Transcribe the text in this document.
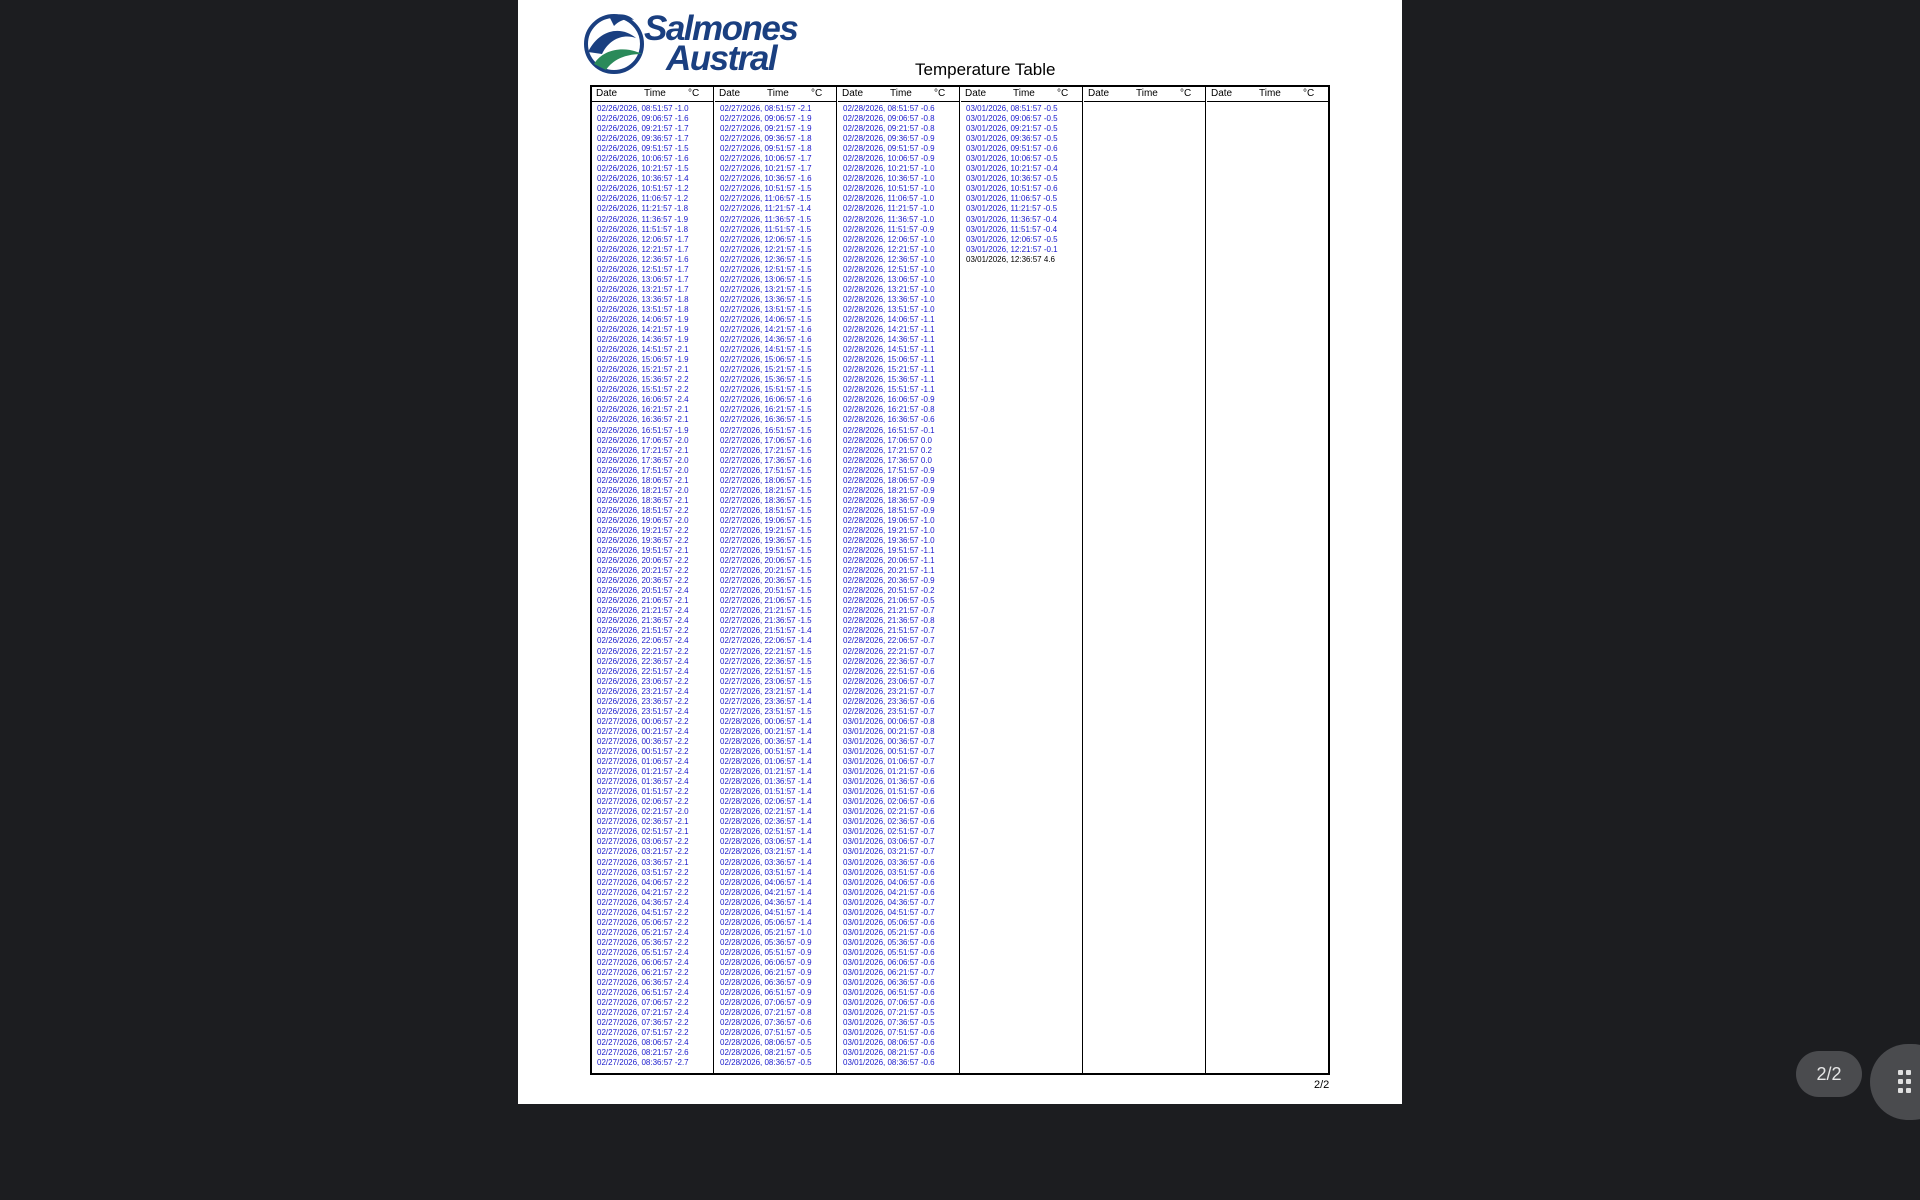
Salmones
Austral	Temperature Table
Date	Time °C
02/26/2026, 08:51:57 -1.0
02/26/2026, 09:06:57 -1.6
02/26/2026, 09:21:57 -1.7
02/26/2026, 09:36:57 -1.7
02/26/2026, 09:51:57 -1.5
02/26/2026, 10:06:57 -1.6
02/26/2026, 10:21:57 -1.5
02/26/2026, 10:36:57 -1.4
02/26/2026, 10:51:57 -1.2
02/26/2026, 11:06:57 -1.2
02/26/2026, 11:21:57 -1.8
02/26/2026, 11:36:57 -1.9
02/26/2026, 11:51:57 -1.8
02/26/2026, 12:06:57 -1.7
02/26/2026, 12:21:57 -1.7
02/26/2026, 12:36:57 -1.6
02/26/2026, 12:51:57 -1.7
02/26/2026, 13:06:57 -1.7
02/26/2026, 13:21:57 -1.7
02/26/2026, 13:36:57 -1.8
02/26/2026, 13:51:57 -1.8
02/26/2026, 14:06:57 -1.9
02/26/2026, 14:21:57 -1.9
02/26/2026, 14:36:57 -1.9
02/26/2026, 14:51:57 -2.1
02/26/2026, 15:06:57 -1.9
02/26/2026, 15:21:57 -2.1
02/26/2026, 15:36:57 -2.2
02/26/2026, 15:51:57 -2.2
02/26/2026, 16:06:57 -2.4
02/26/2026, 16:21:57 -2.1
02/26/2026, 16:36:57 -2.1
02/26/2026, 16:51:57 -1.9
02/26/2026, 17:06:57 -2.0
02/26/2026, 17:21:57 -2.1
02/26/2026, 17:36:57 -2.0
02/26/2026, 17:51:57 -2.0
02/26/2026, 18:06:57 -2.1
02/26/2026, 18:21:57 -2.0
02/26/2026, 18:36:57 -2.1
02/26/2026, 18:51:57 -2.2
02/26/2026, 19:06:57 -2.0
02/26/2026, 19:21:57 -2.2
02/26/2026, 19:36:57 -2.2
02/26/2026, 19:51:57 -2.1
02/26/2026, 20:06:57 -2.2
02/26/2026, 20:21:57 -2.2
02/26/2026, 20:36:57 -2.2
02/26/2026, 20:51:57 -2.4
02/26/2026, 21:06:57 -2.1
02/26/2026, 21:21:57 -2.4
02/26/2026, 21:36:57 -2.4
02/26/2026, 21:51:57 -2.2
02/26/2026, 22:06:57 -2.4
02/26/2026, 22:21:57 -2.2
02/26/2026, 22:36:57 -2.4
02/26/2026, 22:51:57 -2.4
02/26/2026, 23:06:57 -2.2
02/26/2026, 23:21:57 -2.4
02/26/2026, 23:36:57 -2.2
02/26/2026, 23:51:57 -2.4
02/27/2026, 00:06:57 -2.2
02/27/2026, 00:21:57 -2.4
02/27/2026, 00:36:57 -2.2
02/27/2026, 00:51:57 -2.2
02/27/2026, 01:06:57 -2.4
02/27/2026, 01:21:57 -2.4
02/27/2026, 01:36:57 -2.4
02/27/2026, 01:51:57 -2.2
02/27/2026, 02:06:57 -2.2
02/27/2026, 02:21:57 -2.0
02/27/2026, 02:36:57 -2.1
02/27/2026, 02:51:57 -2.1
02/27/2026, 03:06:57 -2.2
02/27/2026, 03:21:57 -2.2
02/27/2026, 03:36:57 -2.1
02/27/2026, 03:51:57 -2.2
02/27/2026, 04:06:57 -2.2
02/27/2026, 04:21:57 -2.2
02/27/2026, 04:36:57 -2.4
02/27/2026, 04:51:57 -2.2
02/27/2026, 05:06:57 -2.2
02/27/2026, 05:21:57 -2.4
02/27/2026, 05:36:57 -2.2
02/27/2026, 05:51:57 -2.4
02/27/2026, 06:06:57 -2.4
02/27/2026, 06:21:57 -2.2
02/27/2026, 06:36:57 -2.4
02/27/2026, 06:51:57 -2.4
02/27/2026, 07:06:57 -2.2
02/27/2026, 07:21:57 -2.4
02/27/2026, 07:36:57 -2.2
02/27/2026, 07:51:57 -2.2
02/27/2026, 08:06:57 -2.4
02/27/2026, 08:21:57 -2.6
02/27/2026, 08:36:57 -2.7
Date	Time °C
02/27/2026, 08:51:57 -2.1
02/27/2026, 09:06:57 -1.9
02/27/2026, 09:21:57 -1.9
02/27/2026, 09:36:57 -1.8
02/27/2026, 09:51:57 -1.8
02/27/2026, 10:06:57 -1.7
02/27/2026, 10:21:57 -1.7
02/27/2026, 10:36:57 -1.6
02/27/2026, 10:51:57 -1.5
02/27/2026, 11:06:57 -1.5
02/27/2026, 11:21:57 -1.4
02/27/2026, 11:36:57 -1.5
02/27/2026, 11:51:57 -1.5
02/27/2026, 12:06:57 -1.5
02/27/2026, 12:21:57 -1.5
02/27/2026, 12:36:57 -1.5
02/27/2026, 12:51:57 -1.5
02/27/2026, 13:06:57 -1.5
02/27/2026, 13:21:57 -1.5
02/27/2026, 13:36:57 -1.5
02/27/2026, 13:51:57 -1.5
02/27/2026, 14:06:57 -1.5
02/27/2026, 14:21:57 -1.6
02/27/2026, 14:36:57 -1.6
02/27/2026, 14:51:57 -1.5
02/27/2026, 15:06:57 -1.5
02/27/2026, 15:21:57 -1.5
02/27/2026, 15:36:57 -1.5
02/27/2026, 15:51:57 -1.5
02/27/2026, 16:06:57 -1.6
02/27/2026, 16:21:57 -1.5
02/27/2026, 16:36:57 -1.5
02/27/2026, 16:51:57 -1.5
02/27/2026, 17:06:57 -1.6
02/27/2026, 17:21:57 -1.5
02/27/2026, 17:36:57 -1.6
02/27/2026, 17:51:57 -1.5
02/27/2026, 18:06:57 -1.5
02/27/2026, 18:21:57 -1.5
02/27/2026, 18:36:57 -1.5
02/27/2026, 18:51:57 -1.5
02/27/2026, 19:06:57 -1.5
02/27/2026, 19:21:57 -1.5
02/27/2026, 19:36:57 -1.5
02/27/2026, 19:51:57 -1.5
02/27/2026, 20:06:57 -1.5
02/27/2026, 20:21:57 -1.5
02/27/2026, 20:36:57 -1.5
02/27/2026, 20:51:57 -1.5
02/27/2026, 21:06:57 -1.5
02/27/2026, 21:21:57 -1.5
02/27/2026, 21:36:57 -1.5
02/27/2026, 21:51:57 -1.4
02/27/2026, 22:06:57 -1.4
02/27/2026, 22:21:57 -1.5
02/27/2026, 22:36:57 -1.5
02/27/2026, 22:51:57 -1.5
02/27/2026, 23:06:57 -1.5
02/27/2026, 23:21:57 -1.4
02/27/2026, 23:36:57 -1.4
02/27/2026, 23:51:57 -1.5
02/28/2026, 00:06:57 -1.4
02/28/2026, 00:21:57 -1.4
02/28/2026, 00:36:57 -1.4
02/28/2026, 00:51:57 -1.4
02/28/2026, 01:06:57 -1.4
02/28/2026, 01:21:57 -1.4
02/28/2026, 01:36:57 -1.4
02/28/2026, 01:51:57 -1.4
02/28/2026, 02:06:57 -1.4
02/28/2026, 02:21:57 -1.4
02/28/2026, 02:36:57 -1.4
02/28/2026, 02:51:57 -1.4
02/28/2026, 03:06:57 -1.4
02/28/2026, 03:21:57 -1.4
02/28/2026, 03:36:57 -1.4
02/28/2026, 03:51:57 -1.4
02/28/2026, 04:06:57 -1.4
02/28/2026, 04:21:57 -1.4
02/28/2026, 04:36:57 -1.4
02/28/2026, 04:51:57 -1.4
02/28/2026, 05:06:57 -1.4
02/28/2026, 05:21:57 -1.0
02/28/2026, 05:36:57 -0.9
02/28/2026, 05:51:57 -0.9
02/28/2026, 06:06:57 -0.9
02/28/2026, 06:21:57 -0.9
02/28/2026, 06:36:57 -0.9
02/28/2026, 06:51:57 -0.9
02/28/2026, 07:06:57 -0.9
02/28/2026, 07:21:57 -0.8
02/28/2026, 07:36:57 -0.6
02/28/2026, 07:51:57 -0.5
02/28/2026, 08:06:57 -0.5
02/28/2026, 08:21:57 -0.5
02/28/2026, 08:36:57 -0.5
Date	Time °C
02/28/2026, 08:51:57 -0.6
02/28/2026, 09:06:57 -0.8
02/28/2026, 09:21:57 -0.8
02/28/2026, 09:36:57 -0.9
02/28/2026, 09:51:57 -0.9
02/28/2026, 10:06:57 -0.9
02/28/2026, 10:21:57 -1.0
02/28/2026, 10:36:57 -1.0
02/28/2026, 10:51:57 -1.0
02/28/2026, 11:06:57 -1.0
02/28/2026, 11:21:57 -1.0
02/28/2026, 11:36:57 -1.0
02/28/2026, 11:51:57 -0.9
02/28/2026, 12:06:57 -1.0
02/28/2026, 12:21:57 -1.0
02/28/2026, 12:36:57 -1.0
02/28/2026, 12:51:57 -1.0
02/28/2026, 13:06:57 -1.0
02/28/2026, 13:21:57 -1.0
02/28/2026, 13:36:57 -1.0
02/28/2026, 13:51:57 -1.0
02/28/2026, 14:06:57 -1.1
02/28/2026, 14:21:57 -1.1
02/28/2026, 14:36:57 -1.1
02/28/2026, 14:51:57 -1.1
02/28/2026, 15:06:57 -1.1
02/28/2026, 15:21:57 -1.1
02/28/2026, 15:36:57 -1.1
02/28/2026, 15:51:57 -1.1
02/28/2026, 16:06:57 -0.9
02/28/2026, 16:21:57 -0.8
02/28/2026, 16:36:57 -0.6
02/28/2026, 16:51:57 -0.1
02/28/2026, 17:06:57 0.0
02/28/2026, 17:21:57 0.2
02/28/2026, 17:36:57 0.0
02/28/2026, 17:51:57 -0.9
02/28/2026, 18:06:57 -0.9
02/28/2026, 18:21:57 -0.9
02/28/2026, 18:36:57 -0.9
02/28/2026, 18:51:57 -0.9
02/28/2026, 19:06:57 -1.0
02/28/2026, 19:21:57 -1.0
02/28/2026, 19:36:57 -1.0
02/28/2026, 19:51:57 -1.1
02/28/2026, 20:06:57 -1.1
02/28/2026, 20:21:57 -1.1
02/28/2026, 20:36:57 -0.9
02/28/2026, 20:51:57 -0.2
02/28/2026, 21:06:57 -0.5
02/28/2026, 21:21:57 -0.7
02/28/2026, 21:36:57 -0.8
02/28/2026, 21:51:57 -0.7
02/28/2026, 22:06:57 -0.7
02/28/2026, 22:21:57 -0.7
02/28/2026, 22:36:57 -0.7
02/28/2026, 22:51:57 -0.6
02/28/2026, 23:06:57 -0.7
02/28/2026, 23:21:57 -0.7
02/28/2026, 23:36:57 -0.6
02/28/2026, 23:51:57 -0.7
03/01/2026, 00:06:57 -0.8
03/01/2026, 00:21:57 -0.8
03/01/2026, 00:36:57 -0.7
03/01/2026, 00:51:57 -0.7
03/01/2026, 01:06:57 -0.7
03/01/2026, 01:21:57 -0.6
03/01/2026, 01:36:57 -0.6
03/01/2026, 01:51:57 -0.6
03/01/2026, 02:06:57 -0.6
03/01/2026, 02:21:57 -0.6
03/01/2026, 02:36:57 -0.6
03/01/2026, 02:51:57 -0.7
03/01/2026, 03:06:57 -0.7
03/01/2026, 03:21:57 -0.7
03/01/2026, 03:36:57 -0.6
03/01/2026, 03:51:57 -0.6
03/01/2026, 04:06:57 -0.6
03/01/2026, 04:21:57 -0.6
03/01/2026, 04:36:57 -0.7
03/01/2026, 04:51:57 -0.7
03/01/2026, 05:06:57 -0.6
03/01/2026, 05:21:57 -0.6
03/01/2026, 05:36:57 -0.6
03/01/2026, 05:51:57 -0.6
03/01/2026, 06:06:57 -0.6
03/01/2026, 06:21:57 -0.7
03/01/2026, 06:36:57 -0.6
03/01/2026, 06:51:57 -0.6
03/01/2026, 07:06:57 -0.6
03/01/2026, 07:21:57 -0.5
03/01/2026, 07:36:57 -0.5
03/01/2026, 07:51:57 -0.6
03/01/2026, 08:06:57 -0.6
03/01/2026, 08:21:57 -0.6
03/01/2026, 08:36:57 -0.6
Date	Time °C
03/01/2026, 08:51:57 -0.5
03/01/2026, 09:06:57 -0.5
03/01/2026, 09:21:57 -0.5
03/01/2026, 09:36:57 -0.5
03/01/2026, 09:51:57 -0.6
03/01/2026, 10:06:57 -0.5
03/01/2026, 10:21:57 -0.4
03/01/2026, 10:36:57 -0.5
03/01/2026, 10:51:57 -0.6
03/01/2026, 11:06:57 -0.5
03/01/2026, 11:21:57 -0.5
03/01/2026, 11:36:57 -0.4
03/01/2026, 11:51:57 -0.4
03/01/2026, 12:06:57 -0.5
03/01/2026, 12:21:57 -0.1
03/01/2026, 12:36:57 4.6
Date	Time °C Date	Time °C
2/2
2/2
